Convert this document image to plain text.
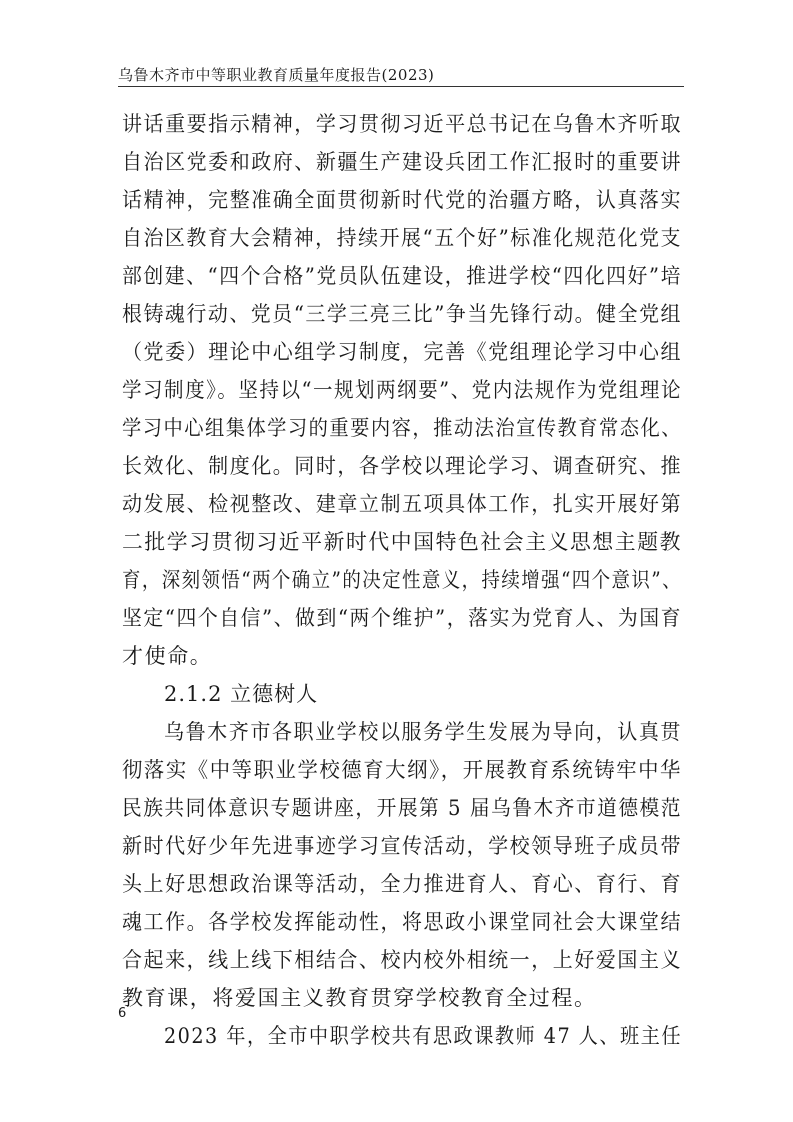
乌鲁木齐市中等职业教育质量年度报告(2023)
讲话重要指示精神，学习贯彻习近平总书记在乌鲁木齐听取
自治区党委和政府、新疆生产建设兵团工作汇报时的重要讲
话精神，完整准确全面贯彻新时代党的治疆方略，认真落实
自治区教育大会精神，持续开展“五个好”标准化规范化党支
部创建、“四个合格”党员队伍建设，推进学校“四化四好”培
根铸魂行动、党员“三学三亮三比”争当先锋行动。健全党组
（党委）理论中心组学习制度，完善《党组理论学习中心组
学习制度》。坚持以“一规划两纲要”、党内法规作为党组理论
学习中心组集体学习的重要内容，推动法治宣传教育常态化、
长效化、制度化。同时，各学校以理论学习、调查研究、推
动发展、检视整改、建章立制五项具体工作，扎实开展好第
二批学习贯彻习近平新时代中国特色社会主义思想主题教
育，深刻领悟“两个确立”的决定性意义，持续增强“四个意识”、
坚定“四个自信”、做到“两个维护”，落实为党育人、为国育
才使命。
2.1.2 立德树人
乌鲁木齐市各职业学校以服务学生发展为导向，认真贯
彻落实《中等职业学校德育大纲》，开展教育系统铸牢中华
民族共同体意识专题讲座，开展第 5 届乌鲁木齐市道德模范
新时代好少年先进事迹学习宣传活动，学校领导班子成员带
头上好思想政治课等活动，全力推进育人、育心、育行、育
魂工作。各学校发挥能动性，将思政小课堂同社会大课堂结
合起来，线上线下相结合、校内校外相统一，上好爱国主义
教育课，将爱国主义教育贯穿学校教育全过程。
2023 年，全市中职学校共有思政课教师 47 人、班主任
6
